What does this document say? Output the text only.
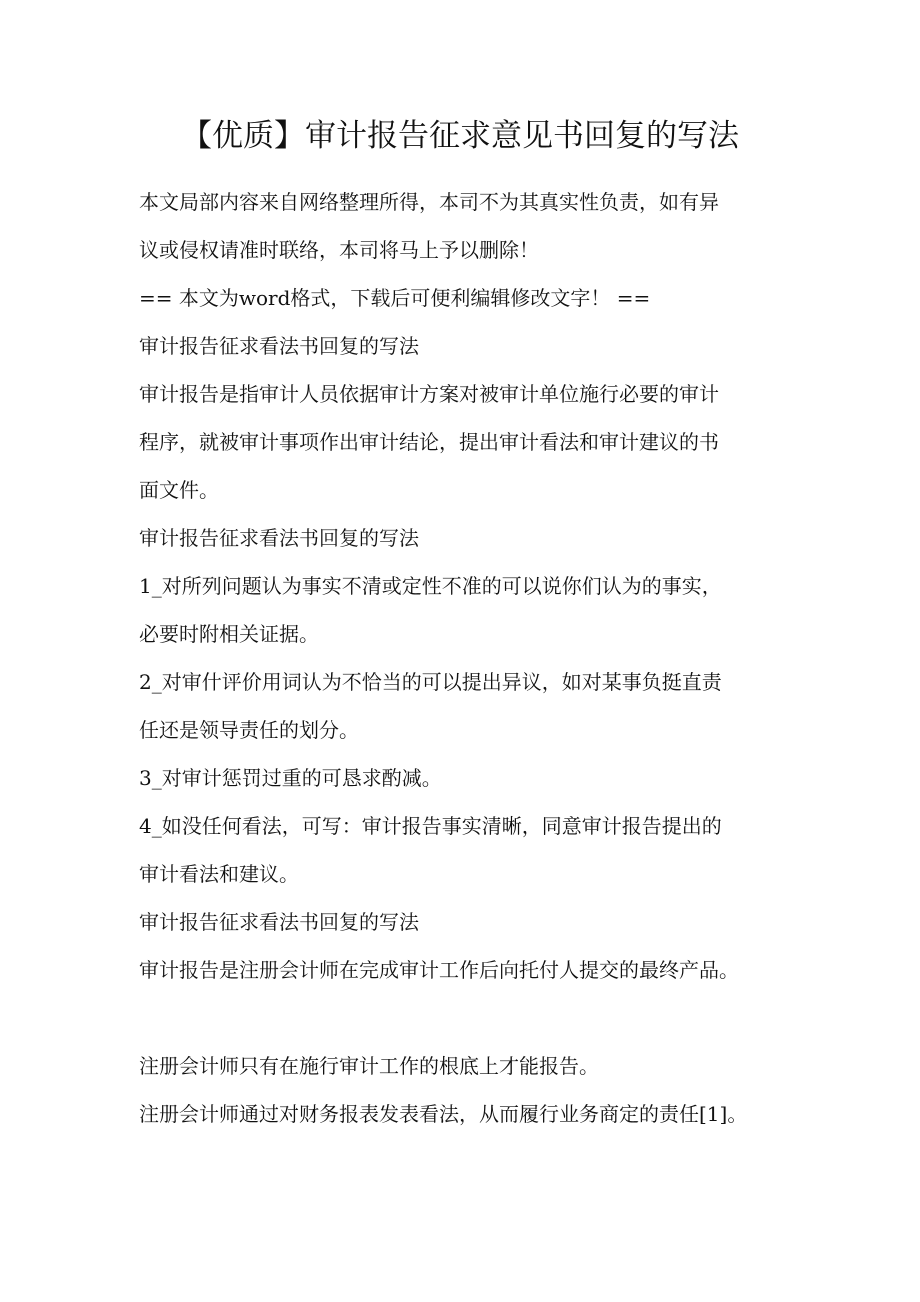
【优质】审计报告征求意见书回复的写法
本文局部内容来自网络整理所得，本司不为其真实性负责，如有异
议或侵权请准时联络，本司将马上予以删除！
== 本文为word格式，下载后可便利编辑修改文字！ ==
审计报告征求看法书回复的写法
审计报告是指审计人员依据审计方案对被审计单位施行必要的审计
程序，就被审计事项作出审计结论，提出审计看法和审计建议的书
面文件。
审计报告征求看法书回复的写法
1_对所列问题认为事实不清或定性不准的可以说你们认为的事实，
必要时附相关证据。
2_对审什评价用词认为不恰当的可以提出异议，如对某事负挺直责
任还是领导责任的划分。
3_对审计惩罚过重的可恳求酌减。
4_如没任何看法，可写：审计报告事实清晰，同意审计报告提出的
审计看法和建议。
审计报告征求看法书回复的写法
审计报告是注册会计师在完成审计工作后向托付人提交的最终产品。
注册会计师只有在施行审计工作的根底上才能报告。
注册会计师通过对财务报表发表看法，从而履行业务商定的责任[1]。
